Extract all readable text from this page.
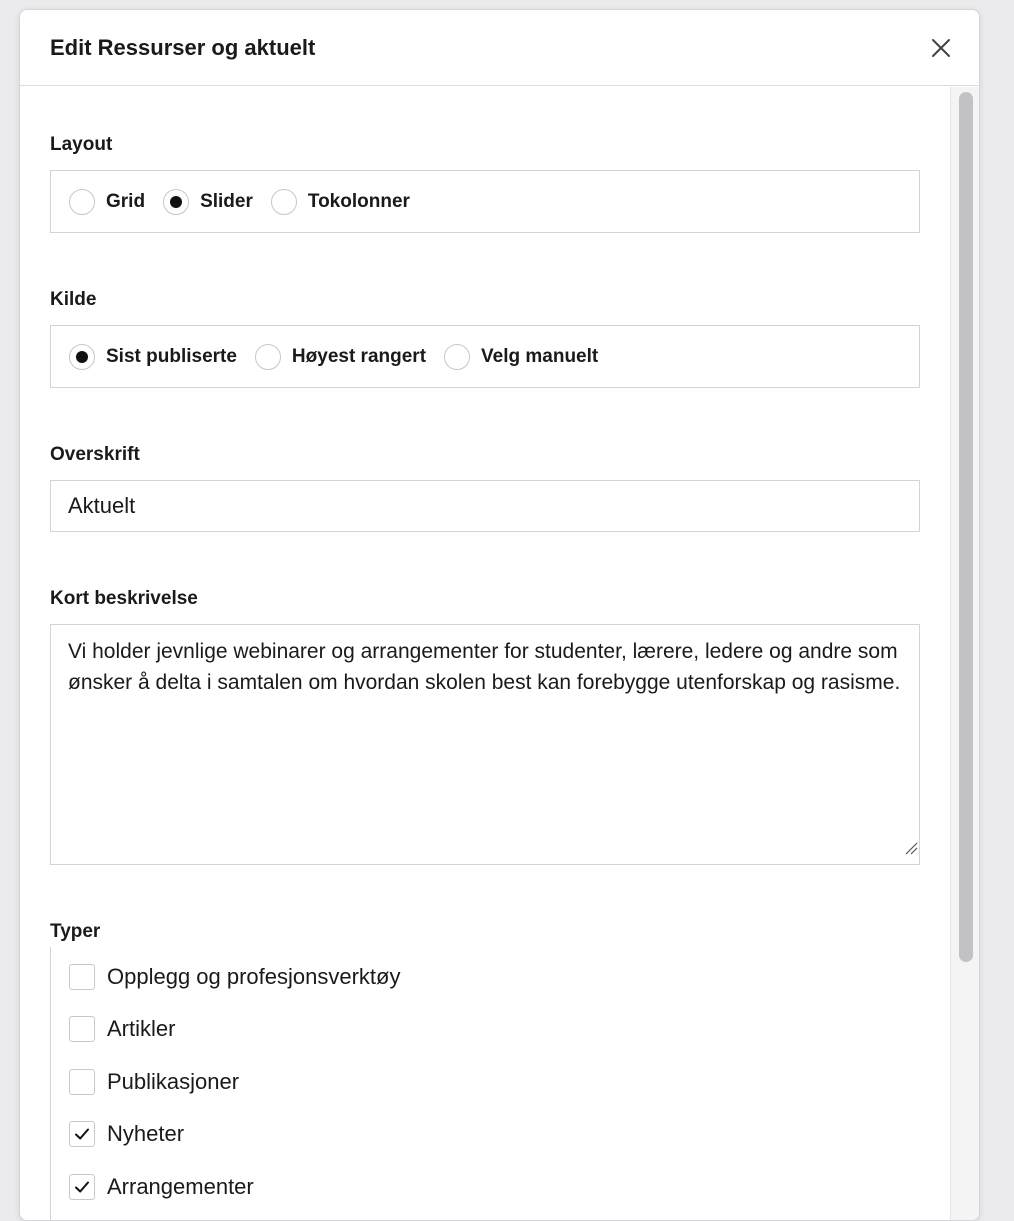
Edit Ressurser og aktuelt
Layout
Grid	Slider	Tokolonner
Kilde
Sist publiserte	Høyest rangert	Velg manuelt
Overskrift
Aktuelt
Kort beskrivelse
Vi holder jevnlige webinarer og arrangementer for studenter, lærere, ledere og andre som ønsker å delta i samtalen om hvordan skolen best kan forebygge utenforskap og rasisme.
Typer
Opplegg og profesjonsverktøy
Artikler
Publikasjoner
Nyheter
Arrangementer
